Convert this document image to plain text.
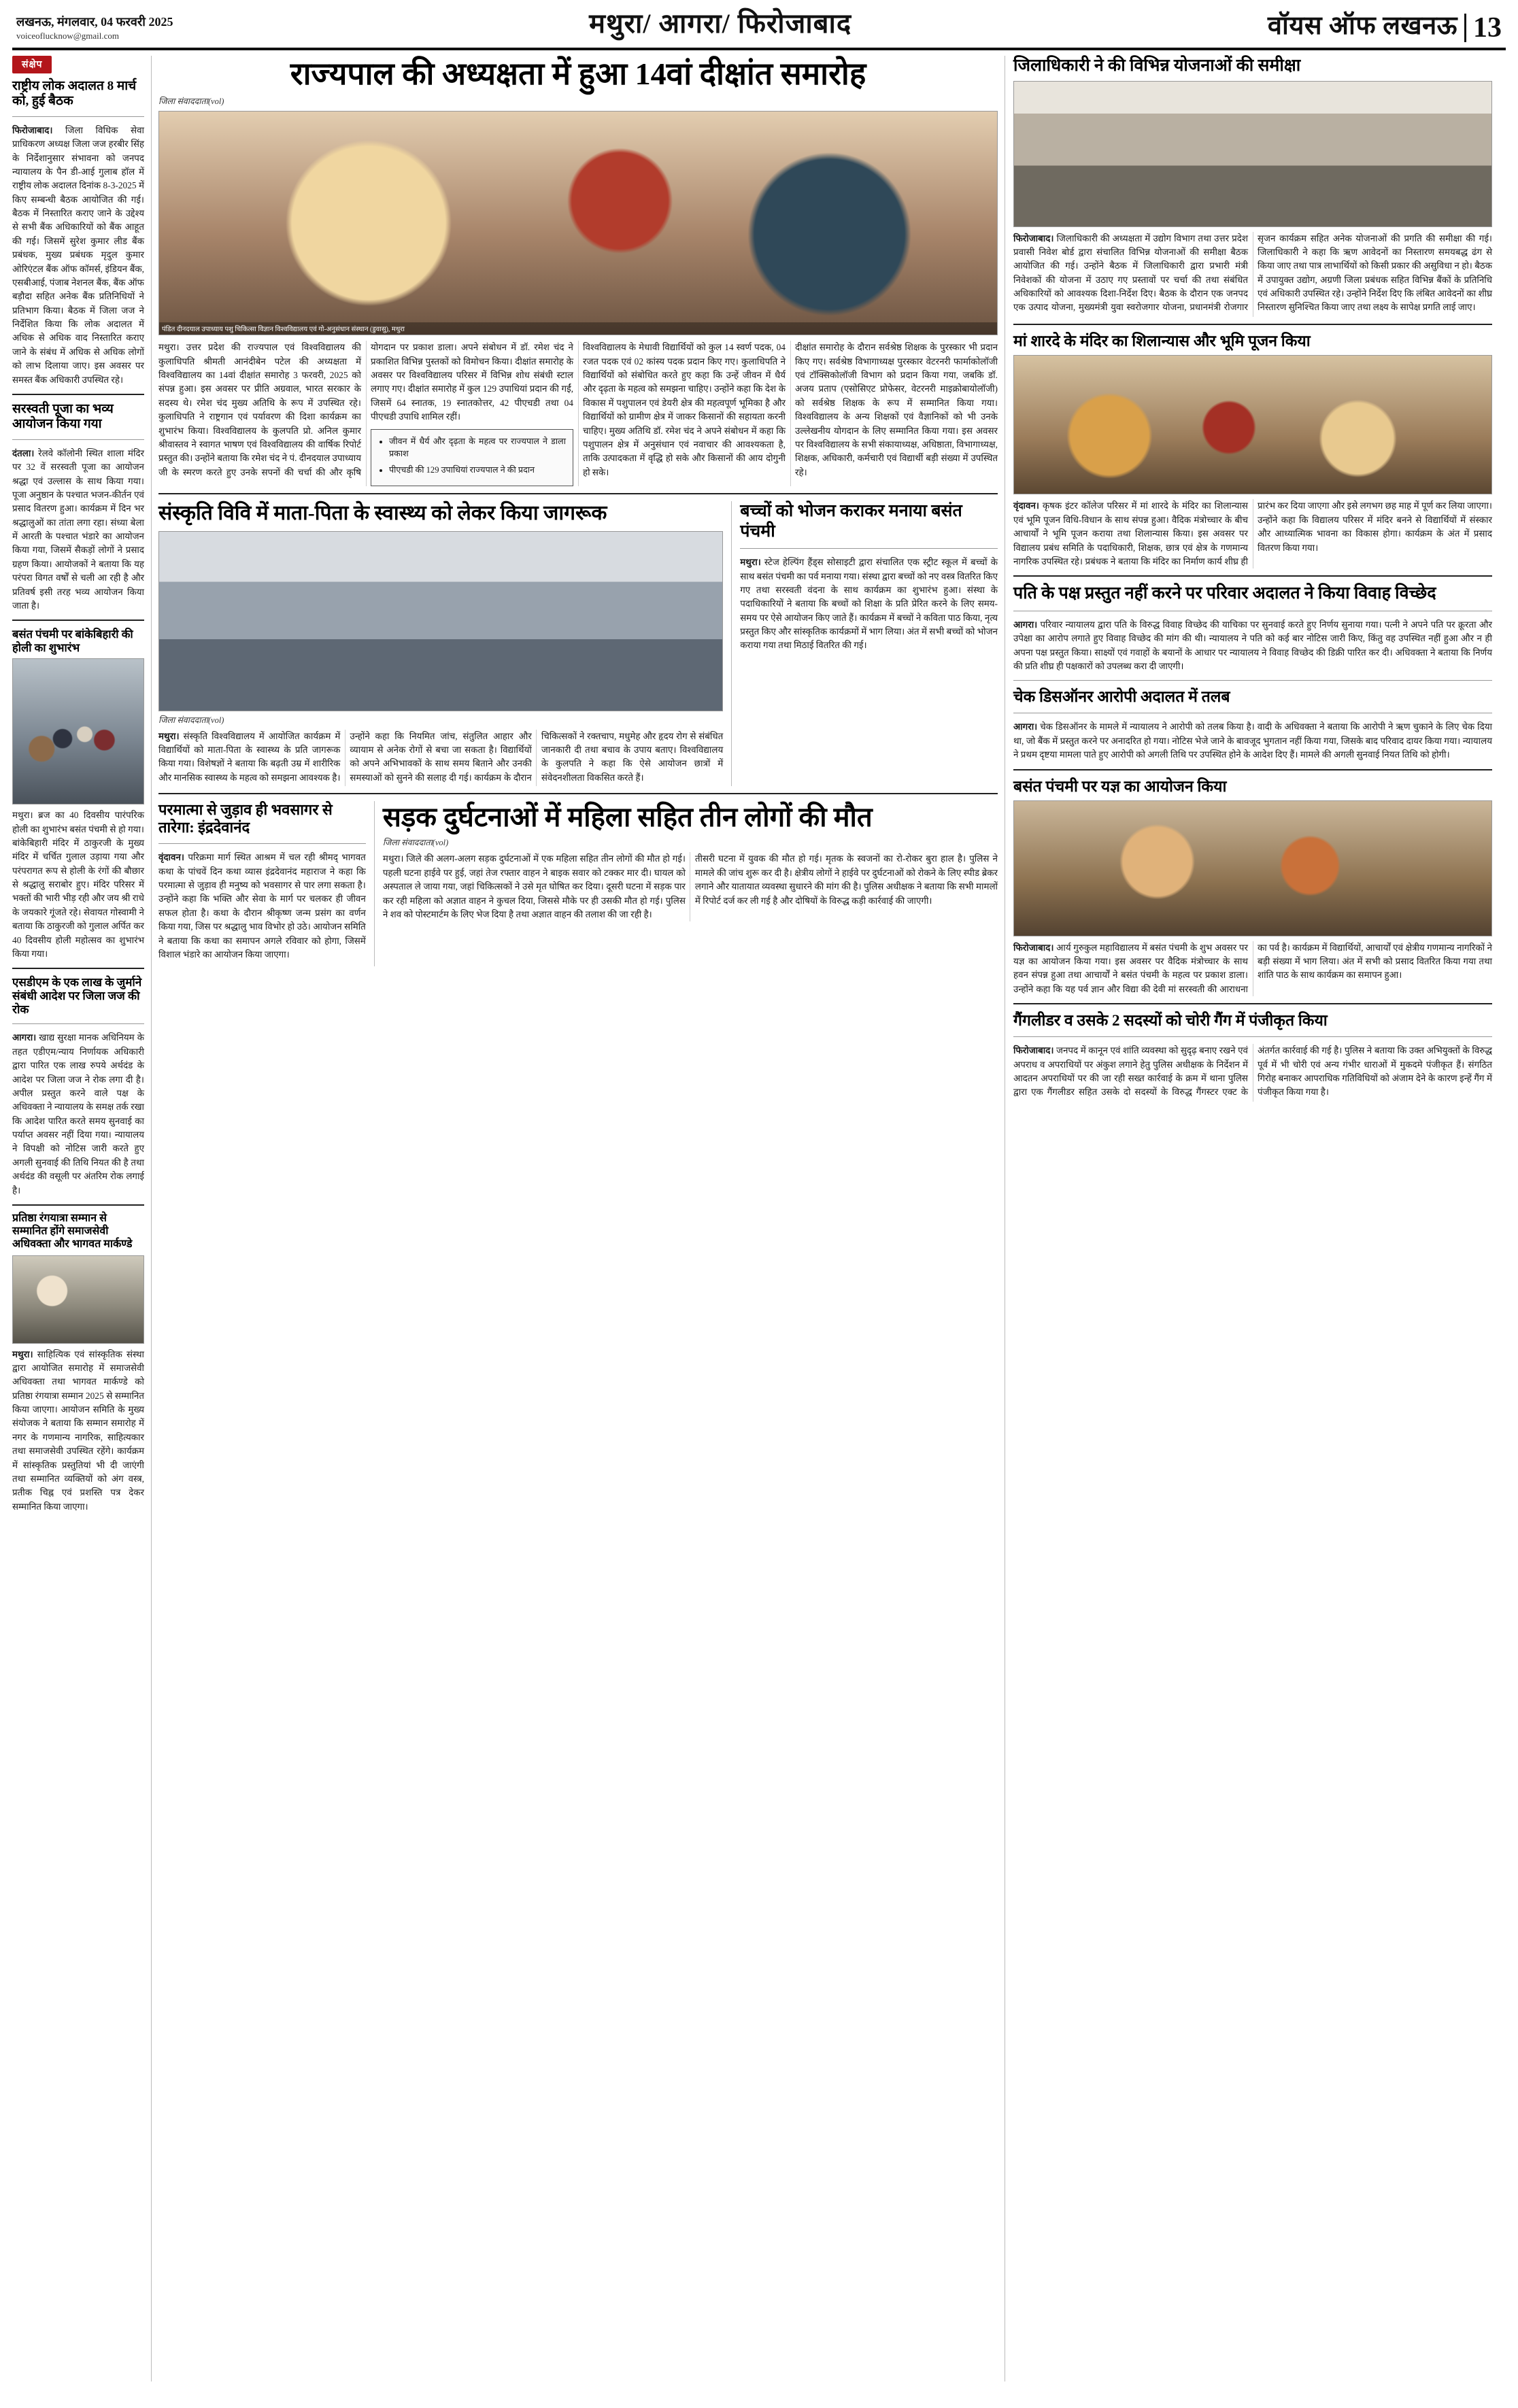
लखनऊ, मंगलवार, 04 फरवरी 2025
voiceoflucknow@gmail.com	मथुरा/ आगरा/ फिरोजाबाद	वॉयस ऑफ लखनऊ 13
संक्षेप
राष्ट्रीय लोक अदालत 8 मार्च को, हुई बैठक

फिरोजाबाद। जिला विधिक सेवा प्राधिकरण अध्यक्ष जिला जज हरबीर सिंह के निर्देशानुसार संभावना को जनपद न्यायालय के पैन डी-आई गुलाब हॉल में राष्ट्रीय लोक अदालत दिनांक 8-3-2025 में किए सम्बन्धी बैठक आयोजित की गई। बैठक में निस्तारित कराए जाने के उद्देश्य से सभी बैंक अधिकारियों को बैंक आहूत की गई। जिसमें सुरेश कुमार लीड बैंक प्रबंधक, मुख्य प्रबंधक मृदुल कुमार ओरिएंटल बैंक ऑफ कॉमर्स, इंडियन बैंक, एसबीआई, पंजाब नेशनल बैंक, बैंक ऑफ बड़ौदा सहित अनेक बैंक प्रतिनिधियों ने प्रतिभाग किया। बैठक में जिला जज ने निर्देशित किया कि लोक अदालत में अधिक से अधिक वाद निस्तारित कराए जाने के संबंध में अधिक से अधिक लोगों को लाभ दिलाया जाए। इस अवसर पर समस्त बैंक अधिकारी उपस्थित रहे।

सरस्वती पूजा का भव्य आयोजन किया गया

दंतला। रेलवे कॉलोनी स्थित शाला मंदिर पर 32 वें सरस्वती पूजा का आयोजन श्रद्धा एवं उल्लास के साथ किया गया। पूजा अनुष्ठान के पश्चात भजन-कीर्तन एवं प्रसाद वितरण हुआ। कार्यक्रम में दिन भर श्रद्धालुओं का तांता लगा रहा। संध्या बेला में आरती के पश्चात भंडारे का आयोजन किया गया, जिसमें सैकड़ों लोगों ने प्रसाद ग्रहण किया। आयोजकों ने बताया कि यह परंपरा विगत वर्षों से चली आ रही है और प्रतिवर्ष इसी तरह भव्य आयोजन किया जाता है।

बसंत पंचमी पर बांकेबिहारी की होली का शुभारंभ

मथुरा। ब्रज का 40 दिवसीय पारंपरिक होली का शुभारंभ बसंत पंचमी से हो गया। बांकेबिहारी मंदिर में ठाकुरजी के मुख्य मंदिर में चर्चित गुलाल उड़ाया गया और परंपरागत रूप से होली के रंगों की बौछार से श्रद्धालु सराबोर हुए। मंदिर परिसर में भक्तों की भारी भीड़ रही और जय श्री राधे के जयकारे गूंजते रहे। सेवायत गोस्वामी ने बताया कि ठाकुरजी को गुलाल अर्पित कर 40 दिवसीय होली महोत्सव का शुभारंभ किया गया।

एसडीएम के एक लाख के जुर्माने संबंधी आदेश पर जिला जज की रोक

आगरा। खाद्य सुरक्षा मानक अधिनियम के तहत एडीएम/न्याय निर्णायक अधिकारी द्वारा पारित एक लाख रुपये अर्थदंड के आदेश पर जिला जज ने रोक लगा दी है। अपील प्रस्तुत करने वाले पक्ष के अधिवक्ता ने न्यायालय के समक्ष तर्क रखा कि आदेश पारित करते समय सुनवाई का पर्याप्त अवसर नहीं दिया गया। न्यायालय ने विपक्षी को नोटिस जारी करते हुए अगली सुनवाई की तिथि नियत की है तथा अर्थदंड की वसूली पर अंतरिम रोक लगाई है।

प्रतिष्ठा रंगयात्रा सम्मान से सम्मानित होंगे समाजसेवी अधिवक्ता और भागवत मार्कण्डे

मथुरा। साहित्यिक एवं सांस्कृतिक संस्था द्वारा आयोजित समारोह में समाजसेवी अधिवक्ता तथा भागवत मार्कण्डे को प्रतिष्ठा रंगयात्रा सम्मान 2025 से सम्मानित किया जाएगा। आयोजन समिति के मुख्य संयोजक ने बताया कि सम्मान समारोह में नगर के गणमान्य नागरिक, साहित्यकार तथा समाजसेवी उपस्थित रहेंगे। कार्यक्रम में सांस्कृतिक प्रस्तुतियां भी दी जाएंगी तथा सम्मानित व्यक्तियों को अंग वस्त्र, प्रतीक चिह्न एवं प्रशस्ति पत्र देकर सम्मानित किया जाएगा।

राज्यपाल की अध्यक्षता में हुआ 14वां दीक्षांत समारोह
जिला संवाददाता(vol)
पंडित दीनदयाल उपाध्याय पशु चिकित्सा विज्ञान विश्वविद्यालय एवं गो-अनुसंधान संस्थान (डुवासु), मथुरा

मथुरा। उत्तर प्रदेश की राज्यपाल एवं विश्वविद्यालय की कुलाधिपति श्रीमती आनंदीबेन पटेल की अध्यक्षता में विश्वविद्यालय का 14वां दीक्षांत समारोह 3 फरवरी, 2025 को संपन्न हुआ। इस अवसर पर प्रीति अग्रवाल, भारत सरकार के सदस्य थे। रमेश चंद मुख्य अतिथि के रूप में उपस्थित रहे। कुलाधिपति ने राष्ट्रगान एवं पर्यावरण की दिशा कार्यक्रम का शुभारंभ किया। विश्वविद्यालय के कुलपति प्रो. अनिल कुमार श्रीवास्तव ने स्वागत भाषण एवं विश्वविद्यालय की वार्षिक रिपोर्ट प्रस्तुत की। उन्होंने बताया कि रमेश चंद ने पं. दीनदयाल उपाध्याय जी के स्मरण करते हुए उनके सपनों की चर्चा की और कृषि योगदान पर प्रकाश डाला। अपने संबोधन में डॉ. रमेश चंद ने प्रकाशित विभिन्न पुस्तकों को विमोचन किया। दीक्षांत समारोह के अवसर पर विश्वविद्यालय परिसर में विभिन्न शोध संबंधी स्टाल लगाए गए। दीक्षांत समारोह में कुल 129 उपाधियां प्रदान की गईं, जिसमें 64 स्नातक, 19 स्नातकोत्तर, 42 पीएचडी तथा 04 पीएचडी उपाधि शामिल रहीं।

• जीवन में धैर्य और दृढ़ता के महत्व पर राज्यपाल ने डाला प्रकाश
• पीएचडी की 129 उपाधियां राज्यपाल ने की प्रदान

विश्वविद्यालय के मेधावी विद्यार्थियों को कुल 14 स्वर्ण पदक, 04 रजत पदक एवं 02 कांस्य पदक प्रदान किए गए। कुलाधिपति ने विद्यार्थियों को संबोधित करते हुए कहा कि उन्हें जीवन में धैर्य और दृढ़ता के महत्व को समझना चाहिए। उन्होंने कहा कि देश के विकास में पशुपालन एवं डेयरी क्षेत्र की महत्वपूर्ण भूमिका है और विद्यार्थियों को ग्रामीण क्षेत्र में जाकर किसानों की सहायता करनी चाहिए। मुख्य अतिथि डॉ. रमेश चंद ने अपने संबोधन में कहा कि पशुपालन क्षेत्र में अनुसंधान एवं नवाचार की आवश्यकता है, ताकि उत्पादकता में वृद्धि हो सके और किसानों की आय दोगुनी हो सके।

दीक्षांत समारोह के दौरान सर्वश्रेष्ठ शिक्षक के पुरस्कार भी प्रदान किए गए। सर्वश्रेष्ठ विभागाध्यक्ष पुरस्कार वेटरनरी फार्माकोलॉजी एवं टॉक्सिकोलॉजी विभाग को प्रदान किया गया, जबकि डॉ. अजय प्रताप (एसोसिएट प्रोफेसर, वेटरनरी माइक्रोबायोलॉजी) को सर्वश्रेष्ठ शिक्षक के रूप में सम्मानित किया गया। विश्वविद्यालय के अन्य शिक्षकों एवं वैज्ञानिकों को भी उनके उल्लेखनीय योगदान के लिए सम्मानित किया गया। इस अवसर पर विश्वविद्यालय के सभी संकायाध्यक्ष, अधिष्ठाता, विभागाध्यक्ष, शिक्षक, अधिकारी, कर्मचारी एवं विद्यार्थी बड़ी संख्या में उपस्थित रहे।

संस्कृति विवि में माता-पिता के स्वास्थ्य को लेकर किया जागरूक
जिला संवाददाता(vol)

मथुरा। संस्कृति विश्वविद्यालय में आयोजित कार्यक्रम में विद्यार्थियों को माता-पिता के स्वास्थ्य के प्रति जागरूक किया गया। विशेषज्ञों ने बताया कि बढ़ती उम्र में शारीरिक और मानसिक स्वास्थ्य के महत्व को समझना आवश्यक है। उन्होंने कहा कि नियमित जांच, संतुलित आहार और व्यायाम से अनेक रोगों से बचा जा सकता है। विद्यार्थियों को अपने अभिभावकों के साथ समय बिताने और उनकी समस्याओं को सुनने की सलाह दी गई। कार्यक्रम के दौरान चिकित्सकों ने रक्तचाप, मधुमेह और हृदय रोग से संबंधित जानकारी दी तथा बचाव के उपाय बताए। विश्वविद्यालय के कुलपति ने कहा कि ऐसे आयोजन छात्रों में संवेदनशीलता विकसित करते हैं।

बच्चों को भोजन कराकर मनाया बसंत पंचमी

मथुरा। स्टेज हेल्पिंग हैंड्स सोसाइटी द्वारा संचालित एक स्ट्रीट स्कूल में बच्चों के साथ बसंत पंचमी का पर्व मनाया गया। संस्था द्वारा बच्चों को नए वस्त्र वितरित किए गए तथा सरस्वती वंदना के साथ कार्यक्रम का शुभारंभ हुआ। संस्था के पदाधिकारियों ने बताया कि बच्चों को शिक्षा के प्रति प्रेरित करने के लिए समय-समय पर ऐसे आयोजन किए जाते हैं। कार्यक्रम में बच्चों ने कविता पाठ किया, नृत्य प्रस्तुत किए और सांस्कृतिक कार्यक्रमों में भाग लिया। अंत में सभी बच्चों को भोजन कराया गया तथा मिठाई वितरित की गई।

परमात्मा से जुड़ाव ही भवसागर से तारेगा: इंद्रदेवानंद

वृंदावन। परिक्रमा मार्ग स्थित आश्रम में चल रही श्रीमद् भागवत कथा के पांचवें दिन कथा व्यास इंद्रदेवानंद महाराज ने कहा कि परमात्मा से जुड़ाव ही मनुष्य को भवसागर से पार लगा सकता है। उन्होंने कहा कि भक्ति और सेवा के मार्ग पर चलकर ही जीवन सफल होता है। कथा के दौरान श्रीकृष्ण जन्म प्रसंग का वर्णन किया गया, जिस पर श्रद्धालु भाव विभोर हो उठे। आयोजन समिति ने बताया कि कथा का समापन अगले रविवार को होगा, जिसमें विशाल भंडारे का आयोजन किया जाएगा।

सड़क दुर्घटनाओं में महिला सहित तीन लोगों की मौत
जिला संवाददाता(vol)

मथुरा। जिले की अलग-अलग सड़क दुर्घटनाओं में एक महिला सहित तीन लोगों की मौत हो गई। पहली घटना हाईवे पर हुई, जहां तेज रफ्तार वाहन ने बाइक सवार को टक्कर मार दी। घायल को अस्पताल ले जाया गया, जहां चिकित्सकों ने उसे मृत घोषित कर दिया। दूसरी घटना में सड़क पार कर रही महिला को अज्ञात वाहन ने कुचल दिया, जिससे मौके पर ही उसकी मौत हो गई। पुलिस ने शव को पोस्टमार्टम के लिए भेज दिया है तथा अज्ञात वाहन की तलाश की जा रही है।

तीसरी घटना में युवक की मौत हो गई। मृतक के स्वजनों का रो-रोकर बुरा हाल है। पुलिस ने मामले की जांच शुरू कर दी है। क्षेत्रीय लोगों ने हाईवे पर दुर्घटनाओं को रोकने के लिए स्पीड ब्रेकर लगाने और यातायात व्यवस्था सुधारने की मांग की है। पुलिस अधीक्षक ने बताया कि सभी मामलों में रिपोर्ट दर्ज कर ली गई है और दोषियों के विरुद्ध कड़ी कार्रवाई की जाएगी।

जिलाधिकारी ने की विभिन्न योजनाओं की समीक्षा

फिरोजाबाद। जिलाधिकारी की अध्यक्षता में उद्योग विभाग तथा उत्तर प्रदेश प्रवासी निवेश बोर्ड द्वारा संचालित विभिन्न योजनाओं की समीक्षा बैठक आयोजित की गई। उन्होंने बैठक में जिलाधिकारी द्वारा प्रभारी मंत्री निवेशकों की योजना में उठाए गए प्रस्तावों पर चर्चा की तथा संबंधित अधिकारियों को आवश्यक दिशा-निर्देश दिए। बैठक के दौरान एक जनपद एक उत्पाद योजना, मुख्यमंत्री युवा स्वरोजगार योजना, प्रधानमंत्री रोजगार सृजन कार्यक्रम सहित अनेक योजनाओं की प्रगति की समीक्षा की गई। जिलाधिकारी ने कहा कि ऋण आवेदनों का निस्तारण समयबद्ध ढंग से किया जाए तथा पात्र लाभार्थियों को किसी प्रकार की असुविधा न हो। बैठक में उपायुक्त उद्योग, अग्रणी जिला प्रबंधक सहित विभिन्न बैंकों के प्रतिनिधि एवं अधिकारी उपस्थित रहे। उन्होंने निर्देश दिए कि लंबित आवेदनों का शीघ्र निस्तारण सुनिश्चित किया जाए तथा लक्ष्य के सापेक्ष प्रगति लाई जाए।

मां शारदे के मंदिर का शिलान्यास और भूमि पूजन किया

वृंदावन। कृषक इंटर कॉलेज परिसर में मां शारदे के मंदिर का शिलान्यास एवं भूमि पूजन विधि-विधान के साथ संपन्न हुआ। वैदिक मंत्रोच्चार के बीच आचार्यों ने भूमि पूजन कराया तथा शिलान्यास किया। इस अवसर पर विद्यालय प्रबंध समिति के पदाधिकारी, शिक्षक, छात्र एवं क्षेत्र के गणमान्य नागरिक उपस्थित रहे। प्रबंधक ने बताया कि मंदिर का निर्माण कार्य शीघ्र ही प्रारंभ कर दिया जाएगा और इसे लगभग छह माह में पूर्ण कर लिया जाएगा। उन्होंने कहा कि विद्यालय परिसर में मंदिर बनने से विद्यार्थियों में संस्कार और आध्यात्मिक भावना का विकास होगा। कार्यक्रम के अंत में प्रसाद वितरण किया गया।

पति के पक्ष प्रस्तुत नहीं करने पर परिवार अदालत ने किया विवाह विच्छेद

आगरा। परिवार न्यायालय द्वारा पति के विरुद्ध विवाह विच्छेद की याचिका पर सुनवाई करते हुए निर्णय सुनाया गया। पत्नी ने अपने पति पर क्रूरता और उपेक्षा का आरोप लगाते हुए विवाह विच्छेद की मांग की थी। न्यायालय ने पति को कई बार नोटिस जारी किए, किंतु वह उपस्थित नहीं हुआ और न ही अपना पक्ष प्रस्तुत किया। साक्ष्यों एवं गवाहों के बयानों के आधार पर न्यायालय ने विवाह विच्छेद की डिक्री पारित कर दी। अधिवक्ता ने बताया कि निर्णय की प्रति शीघ्र ही पक्षकारों को उपलब्ध करा दी जाएगी।

चेक डिसऑनर आरोपी अदालत में तलब

आगरा। चेक डिसऑनर के मामले में न्यायालय ने आरोपी को तलब किया है। वादी के अधिवक्ता ने बताया कि आरोपी ने ऋण चुकाने के लिए चेक दिया था, जो बैंक में प्रस्तुत करने पर अनादरित हो गया। नोटिस भेजे जाने के बावजूद भुगतान नहीं किया गया, जिसके बाद परिवाद दायर किया गया। न्यायालय ने प्रथम दृष्टया मामला पाते हुए आरोपी को अगली तिथि पर उपस्थित होने के आदेश दिए हैं। मामले की अगली सुनवाई नियत तिथि को होगी।

बसंत पंचमी पर यज्ञ का आयोजन किया

फिरोजाबाद। आर्य गुरुकुल महाविद्यालय में बसंत पंचमी के शुभ अवसर पर यज्ञ का आयोजन किया गया। इस अवसर पर वैदिक मंत्रोच्चार के साथ हवन संपन्न हुआ तथा आचार्यों ने बसंत पंचमी के महत्व पर प्रकाश डाला। उन्होंने कहा कि यह पर्व ज्ञान और विद्या की देवी मां सरस्वती की आराधना का पर्व है। कार्यक्रम में विद्यार्थियों, आचार्यों एवं क्षेत्रीय गणमान्य नागरिकों ने बड़ी संख्या में भाग लिया। अंत में सभी को प्रसाद वितरित किया गया तथा शांति पाठ के साथ कार्यक्रम का समापन हुआ।

गैंगलीडर व उसके 2 सदस्यों को चोरी गैंग में पंजीकृत किया

फिरोजाबाद। जनपद में कानून एवं शांति व्यवस्था को सुदृढ़ बनाए रखने एवं अपराध व अपराधियों पर अंकुश लगाने हेतु पुलिस अधीक्षक के निर्देशन में आदतन अपराधियों पर की जा रही सख्त कार्रवाई के क्रम में थाना पुलिस द्वारा एक गैंगलीडर सहित उसके दो सदस्यों के विरुद्ध गैंगस्टर एक्ट के अंतर्गत कार्रवाई की गई है। पुलिस ने बताया कि उक्त अभियुक्तों के विरुद्ध पूर्व में भी चोरी एवं अन्य गंभीर धाराओं में मुकदमे पंजीकृत हैं। संगठित गिरोह बनाकर आपराधिक गतिविधियों को अंजाम देने के कारण इन्हें गैंग में पंजीकृत किया गया है।
